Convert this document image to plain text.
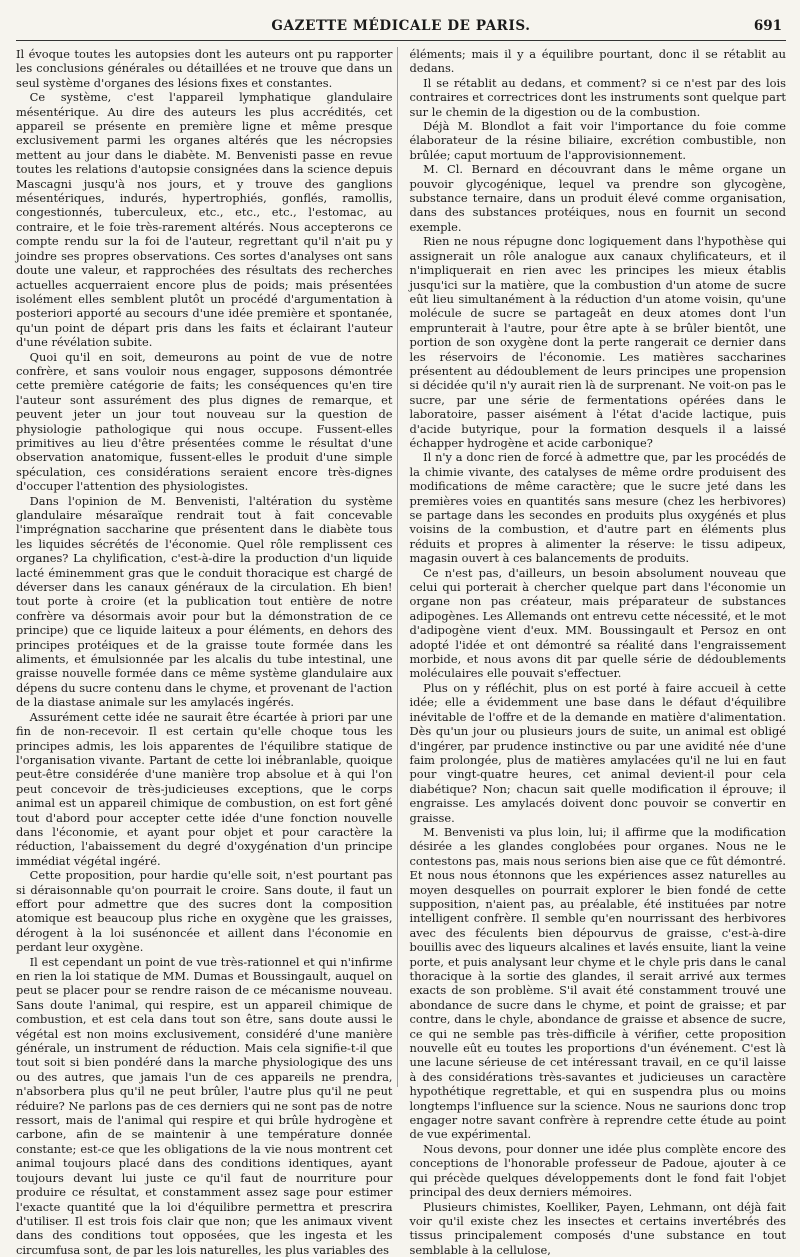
GAZETTE MÉDICALE DE PARIS.	691

Il évoque toutes les autopsies dont les auteurs ont pu rapporter les conclusions générales ou détaillées et ne trouve que dans un seul système d'organes des lésions fixes et constantes.

Ce système, c'est l'appareil lymphatique glandulaire mésentérique. Au dire des auteurs les plus accrédités, cet appareil se présente en première ligne et même presque exclusivement parmi les organes altérés que les nécropsies mettent au jour dans le diabète. M. Benvenisti passe en revue toutes les relations d'autopsie consignées dans la science depuis Mascagni jusqu'à nos jours, et y trouve des ganglions mésentériques, indurés, hypertrophiés, gonflés, ramollis, congestionnés, tuberculeux, etc., etc., etc., l'estomac, au contraire, et le foie très-rarement altérés. Nous accepterons ce compte rendu sur la foi de l'auteur, regrettant qu'il n'ait pu y joindre ses propres observations. Ces sortes d'analyses ont sans doute une valeur, et rapprochées des résultats des recherches actuelles acquerraient encore plus de poids; mais présentées isolément elles semblent plutôt un procédé d'argumentation à posteriori apporté au secours d'une idée première et spontanée, qu'un point de départ pris dans les faits et éclairant l'auteur d'une révélation subite.

Quoi qu'il en soit, demeurons au point de vue de notre confrère, et sans vouloir nous engager, supposons démontrée cette première catégorie de faits; les conséquences qu'en tire l'auteur sont assurément des plus dignes de remarque, et peuvent jeter un jour tout nouveau sur la question de physiologie pathologique qui nous occupe. Fussent-elles primitives au lieu d'être présentées comme le résultat d'une observation anatomique, fussent-elles le produit d'une simple spéculation, ces considérations seraient encore très-dignes d'occuper l'attention des physiologistes.

Dans l'opinion de M. Benvenisti, l'altération du système glandulaire mésaraïque rendrait tout à fait concevable l'imprégnation saccharine que présentent dans le diabète tous les liquides sécrétés de l'économie. Quel rôle remplissent ces organes? La chylification, c'est-à-dire la production d'un liquide lacté éminemment gras que le conduit thoracique est chargé de déverser dans les canaux généraux de la circulation. Eh bien! tout porte à croire (et la publication tout entière de notre confrère va désormais avoir pour but la démonstration de ce principe) que ce liquide laiteux a pour éléments, en dehors des principes protéiques et de la graisse toute formée dans les aliments, et émulsionnée par les alcalis du tube intestinal, une graisse nouvelle formée dans ce même système glandulaire aux dépens du sucre contenu dans le chyme, et provenant de l'action de la diastase animale sur les amylacés ingérés.

Assurément cette idée ne saurait être écartée à priori par une fin de non-recevoir. Il est certain qu'elle choque tous les principes admis, les lois apparentes de l'équilibre statique de l'organisation vivante. Partant de cette loi inébranlable, quoique peut-être considérée d'une manière trop absolue et à qui l'on peut concevoir de très-judicieuses exceptions, que le corps animal est un appareil chimique de combustion, on est fort gêné tout d'abord pour accepter cette idée d'une fonction nouvelle dans l'économie, et ayant pour objet et pour caractère la réduction, l'abaissement du degré d'oxygénation d'un principe immédiat végétal ingéré.

Cette proposition, pour hardie qu'elle soit, n'est pourtant pas si déraisonnable qu'on pourrait le croire. Sans doute, il faut un effort pour admettre que des sucres dont la composition atomique est beaucoup plus riche en oxygène que les graisses, dérogent à la loi susénoncée et aillent dans l'économie en perdant leur oxygène.

Il est cependant un point de vue très-rationnel et qui n'infirme en rien la loi statique de MM. Dumas et Boussingault, auquel on peut se placer pour se rendre raison de ce mécanisme nouveau. Sans doute l'animal, qui respire, est un appareil chimique de combustion, et est cela dans tout son être, sans doute aussi le végétal est non moins exclusivement, considéré d'une manière générale, un instrument de réduction. Mais cela signifie-t-il que tout soit si bien pondéré dans la marche physiologique des uns ou des autres, que jamais l'un de ces appareils ne prendra, n'absorbera plus qu'il ne peut brûler, l'autre plus qu'il ne peut réduire? Ne parlons pas de ces derniers qui ne sont pas de notre ressort, mais de l'animal qui respire et qui brûle hydrogène et carbone, afin de se maintenir à une température donnée constante; est-ce que les obligations de la vie nous montrent cet animal toujours placé dans des conditions identiques, ayant toujours devant lui juste ce qu'il faut de nourriture pour produire ce résultat, et constamment assez sage pour estimer l'exacte quantité que la loi d'équilibre permettra et prescrira d'utiliser. Il est trois fois clair que non; que les animaux vivent dans des conditions tout opposées, que les ingesta et les circumfusa sont, de par les lois naturelles, les plus variables des

éléments; mais il y a équilibre pourtant, donc il se rétablit au dedans.

Il se rétablit au dedans, et comment? si ce n'est par des lois contraires et correctrices dont les instruments sont quelque part sur le chemin de la digestion ou de la combustion.

Déjà M. Blondlot a fait voir l'importance du foie comme élaborateur de la résine biliaire, excrétion combustible, non brûlée; caput mortuum de l'approvisionnement.

M. Cl. Bernard en découvrant dans le même organe un pouvoir glycogénique, lequel va prendre son glycogène, substance ternaire, dans un produit élevé comme organisation, dans des substances protéiques, nous en fournit un second exemple.

Rien ne nous répugne donc logiquement dans l'hypothèse qui assignerait un rôle analogue aux canaux chylificateurs, et il n'impliquerait en rien avec les principes les mieux établis jusqu'ici sur la matière, que la combustion d'un atome de sucre eût lieu simultanément à la réduction d'un atome voisin, qu'une molécule de sucre se partageât en deux atomes dont l'un emprunterait à l'autre, pour être apte à se brûler bientôt, une portion de son oxygène dont la perte rangerait ce dernier dans les réservoirs de l'économie. Les matières saccharines présentent au dédoublement de leurs principes une propension si décidée qu'il n'y aurait rien là de surprenant. Ne voit-on pas le sucre, par une série de fermentations opérées dans le laboratoire, passer aisément à l'état d'acide lactique, puis d'acide butyrique, pour la formation desquels il a laissé échapper hydrogène et acide carbonique?

Il n'y a donc rien de forcé à admettre que, par les procédés de la chimie vivante, des catalyses de même ordre produisent des modifications de même caractère; que le sucre jeté dans les premières voies en quantités sans mesure (chez les herbivores) se partage dans les secondes en produits plus oxygénés et plus voisins de la combustion, et d'autre part en éléments plus réduits et propres à alimenter la réserve: le tissu adipeux, magasin ouvert à ces balancements de produits.

Ce n'est pas, d'ailleurs, un besoin absolument nouveau que celui qui porterait à chercher quelque part dans l'économie un organe non pas créateur, mais préparateur de substances adipogènes. Les Allemands ont entrevu cette nécessité, et le mot d'adipogène vient d'eux. MM. Boussingault et Persoz en ont adopté l'idée et ont démontré sa réalité dans l'engraissement morbide, et nous avons dit par quelle série de dédoublements moléculaires elle pouvait s'effectuer.

Plus on y réfléchit, plus on est porté à faire accueil à cette idée; elle a évidemment une base dans le défaut d'équilibre inévitable de l'offre et de la demande en matière d'alimentation. Dès qu'un jour ou plusieurs jours de suite, un animal est obligé d'ingérer, par prudence instinctive ou par une avidité née d'une faim prolongée, plus de matières amylacées qu'il ne lui en faut pour vingt-quatre heures, cet animal devient-il pour cela diabétique? Non; chacun sait quelle modification il éprouve; il engraisse. Les amylacés doivent donc pouvoir se convertir en graisse.

M. Benvenisti va plus loin, lui; il affirme que la modification désirée a les glandes conglobées pour organes. Nous ne le contestons pas, mais nous serions bien aise que ce fût démontré. Et nous nous étonnons que les expériences assez naturelles au moyen desquelles on pourrait explorer le bien fondé de cette supposition, n'aient pas, au préalable, été instituées par notre intelligent confrère. Il semble qu'en nourrissant des herbivores avec des féculents bien dépourvus de graisse, c'est-à-dire bouillis avec des liqueurs alcalines et lavés ensuite, liant la veine porte, et puis analysant leur chyme et le chyle pris dans le canal thoracique à la sortie des glandes, il serait arrivé aux termes exacts de son problème. S'il avait été constamment trouvé une abondance de sucre dans le chyme, et point de graisse; et par contre, dans le chyle, abondance de graisse et absence de sucre, ce qui ne semble pas très-difficile à vérifier, cette proposition nouvelle eût eu toutes les proportions d'un événement. C'est là une lacune sérieuse de cet intéressant travail, en ce qu'il laisse à des considérations très-savantes et judicieuses un caractère hypothétique regrettable, et qui en suspendra plus ou moins longtemps l'influence sur la science. Nous ne saurions donc trop engager notre savant confrère à reprendre cette étude au point de vue expérimental.

Nous devons, pour donner une idée plus complète encore des conceptions de l'honorable professeur de Padoue, ajouter à ce qui précède quelques développements dont le fond fait l'objet principal des deux derniers mémoires.

Plusieurs chimistes, Koelliker, Payen, Lehmann, ont déjà fait voir qu'il existe chez les insectes et certains invertébrés des tissus principalement composés d'une substance en tout semblable à la cellulose,
